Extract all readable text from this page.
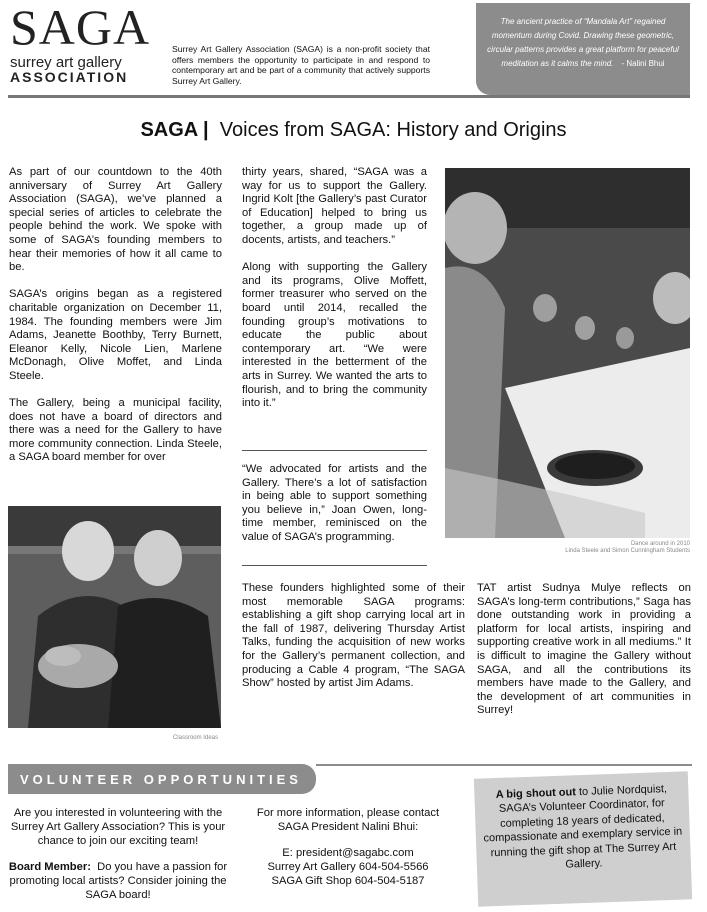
SAGA
surrey art gallery
ASSOCIATION
Surrey Art Gallery Association (SAGA) is a non-profit society that offers members the opportunity to participate in and respond to contemporary art and be part of a community that actively supports Surrey Art Gallery.
The ancient practice of “Mandala Art” regained momentum during Covid. Drawing these geometric, circular patterns provides a great platform for peaceful meditation as it calms the mind. - Nalini Bhui
SAGA | Voices from SAGA: History and Origins

As part of our countdown to the 40th anniversary of Surrey Art Gallery Association (SAGA), we’ve planned a special series of articles to celebrate the people behind the work. We spoke with some of SAGA’s founding members to hear their memories of how it all came to be.

SAGA’s origins began as a registered charitable organization on December 11, 1984. The founding members were Jim Adams, Jeanette Boothby, Terry Burnett, Eleanor Kelly, Nicole Lien, Marlene McDonagh, Olive Moffet, and Linda Steele.

The Gallery, being a municipal facility, does not have a board of directors and there was a need for the Gallery to have more community connection. Linda Steele, a SAGA board member for over

Classroom Ideas

thirty years, shared, “SAGA was a way for us to support the Gallery. Ingrid Kolt [the Gallery’s past Curator of Education] helped to bring us together, a group made up of docents, artists, and teachers.”

Along with supporting the Gallery and its programs, Olive Moffett, former treasurer who served on the board until 2014, recalled the founding group’s motivations to educate the public about contemporary art. “We were interested in the betterment of the arts in Surrey. We wanted the arts to flourish, and to bring the community into it.”

“We advocated for artists and the Gallery. There’s a lot of satisfaction in being able to support something you believe in,” Joan Owen, long-time member, reminisced on the value of SAGA’s programming.
Dance around in 2010
Linda Steele and Simon Cunningham Students
These founders highlighted some of their most memorable SAGA programs: establishing a gift shop carrying local art in the fall of 1987, delivering Thursday Artist Talks, funding the acquisition of new works for the Gallery’s permanent collection, and producing a Cable 4 program, “The SAGA Show” hosted by artist Jim Adams.
TAT artist Sudnya Mulye reflects on SAGA’s long-term contributions,” Saga has done outstanding work in providing a platform for local artists, inspiring and supporting creative work in all mediums.” It is difficult to imagine the Gallery without SAGA, and all the contributions its members have made to the Gallery, and the development of art communities in Surrey!
VOLUNTEER OPPORTUNITIES
Are you interested in volunteering with the Surrey Art Gallery Association? This is your chance to join our exciting team!
Board Member: Do you have a passion for promoting local artists? Consider joining the SAGA board!
For more information, please contact SAGA President Nalini Bhui:
E: president@sagabc.com
Surrey Art Gallery 604-504-5566
SAGA Gift Shop 604-504-5187
A big shout out to Julie Nordquist, SAGA’s Volunteer Coordinator, for completing 18 years of dedicated, compassionate and exemplary service in running the gift shop at The Surrey Art Gallery.
